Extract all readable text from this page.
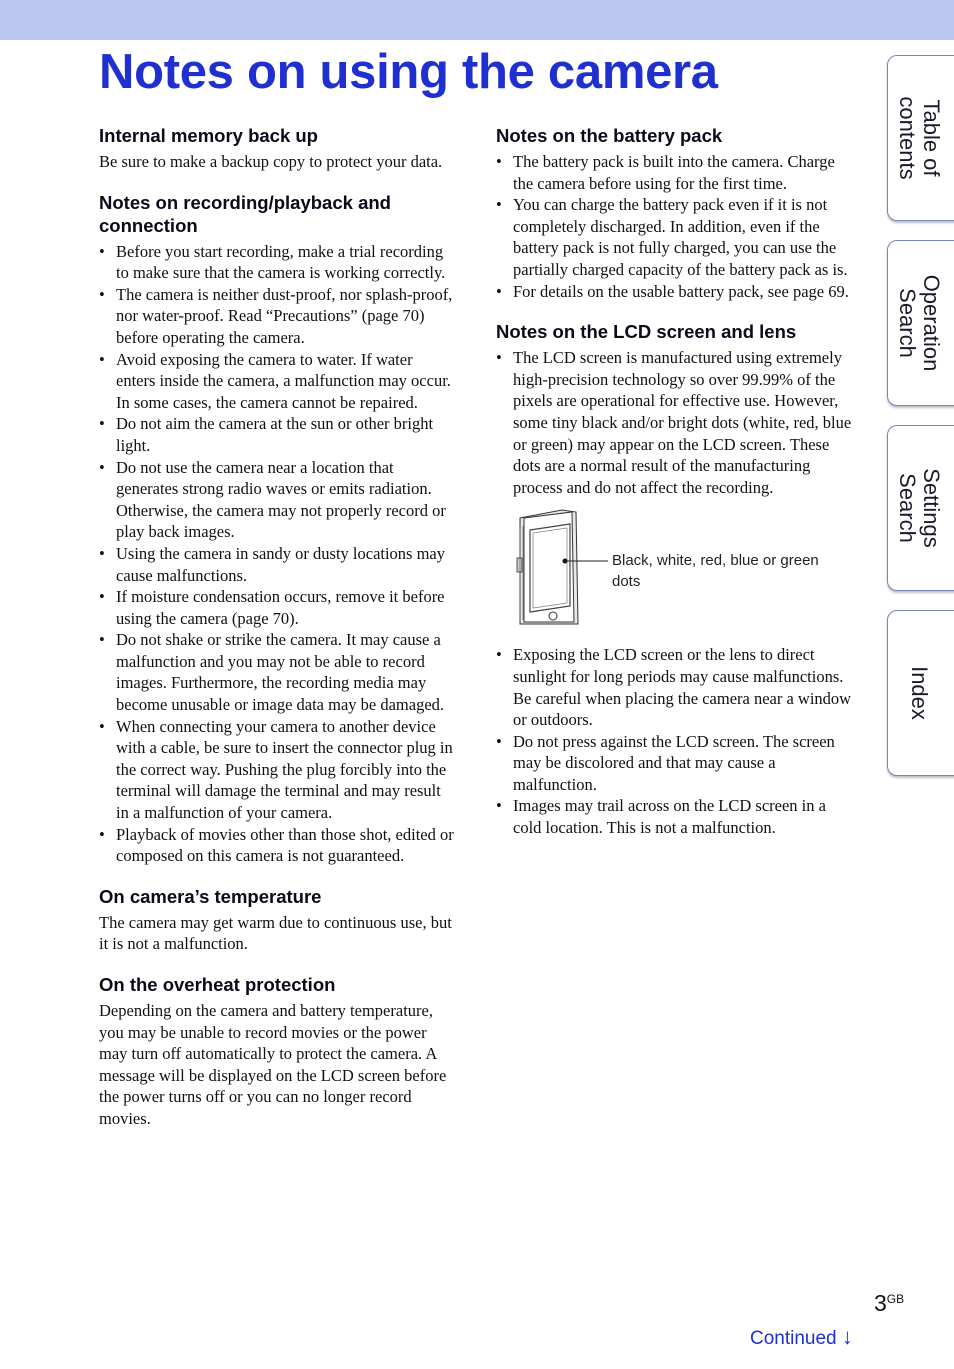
Notes on using the camera
Internal memory back up

Be sure to make a backup copy to protect your data.

Notes on recording/playback and connection
• Before you start recording, make a trial recording to make sure that the camera is working correctly.
• The camera is neither dust-proof, nor splash-proof, nor water-proof. Read “Precautions” (page 70) before operating the camera.
• Avoid exposing the camera to water. If water enters inside the camera, a malfunction may occur. In some cases, the camera cannot be repaired.
• Do not aim the camera at the sun or other bright light.
• Do not use the camera near a location that generates strong radio waves or emits radiation. Otherwise, the camera may not properly record or play back images.
• Using the camera in sandy or dusty locations may cause malfunctions.
• If moisture condensation occurs, remove it before using the camera (page 70).
• Do not shake or strike the camera. It may cause a malfunction and you may not be able to record images. Furthermore, the recording media may become unusable or image data may be damaged.
• When connecting your camera to another device with a cable, be sure to insert the connector plug in the correct way. Pushing the plug forcibly into the terminal will damage the terminal and may result in a malfunction of your camera.
• Playback of movies other than those shot, edited or composed on this camera is not guaranteed.
On camera’s temperature

The camera may get warm due to continuous use, but it is not a malfunction.

On the overheat protection

Depending on the camera and battery temperature, you may be unable to record movies or the power may turn off automatically to protect the camera. A message will be displayed on the LCD screen before the power turns off or you can no longer record movies.

Notes on the battery pack
• The battery pack is built into the camera. Charge the camera before using for the first time.
• You can charge the battery pack even if it is not completely discharged. In addition, even if the battery pack is not fully charged, you can use the partially charged capacity of the battery pack as is.
• For details on the usable battery pack, see page 69.
Notes on the LCD screen and lens
• The LCD screen is manufactured using extremely high-precision technology so over 99.99% of the pixels are operational for effective use. However, some tiny black and/or bright dots (white, red, blue or green) may appear on the LCD screen. These dots are a normal result of the manufacturing process and do not affect the recording.
Black, white, red, blue or green dots
• Exposing the LCD screen or the lens to direct sunlight for long periods may cause malfunctions. Be careful when placing the camera near a window or outdoors.
• Do not press against the LCD screen. The screen may be discolored and that may cause a malfunction.
• Images may trail across on the LCD screen in a cold location. This is not a malfunction.
Table of
contents
Operation
Search
Settings
Search
Index
$3^{GB}$
Continued ↓
